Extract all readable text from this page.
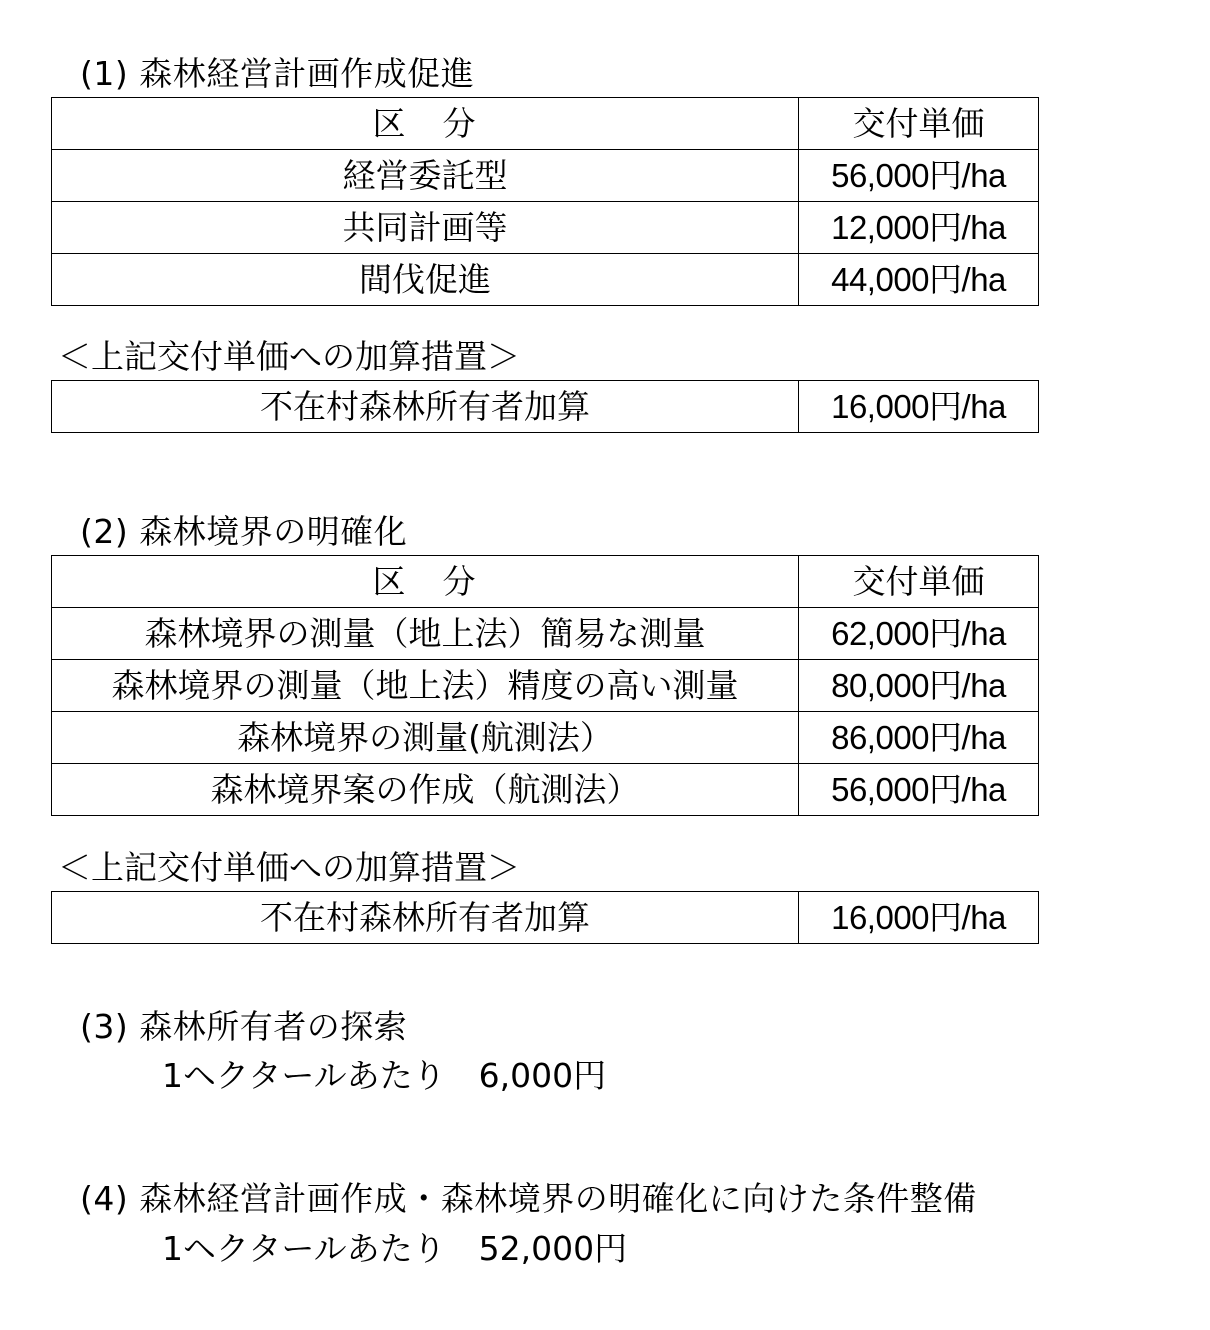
(1) 森林経営計画作成促進
区　分	交付単価
経営委託型	56,000円/ha
共同計画等	12,000円/ha
間伐促進	44,000円/ha
＜上記交付単価への加算措置＞
不在村森林所有者加算	16,000円/ha
(2) 森林境界の明確化
区　分	交付単価
森林境界の測量（地上法）簡易な測量	62,000円/ha
森林境界の測量（地上法）精度の高い測量	80,000円/ha
森林境界の測量(航測法）	86,000円/ha
森林境界案の作成（航測法）	56,000円/ha
＜上記交付単価への加算措置＞
不在村森林所有者加算	16,000円/ha
(3) 森林所有者の探索
1ヘクタールあたり　6,000円
(4) 森林経営計画作成・森林境界の明確化に向けた条件整備
1ヘクタールあたり　52,000円
